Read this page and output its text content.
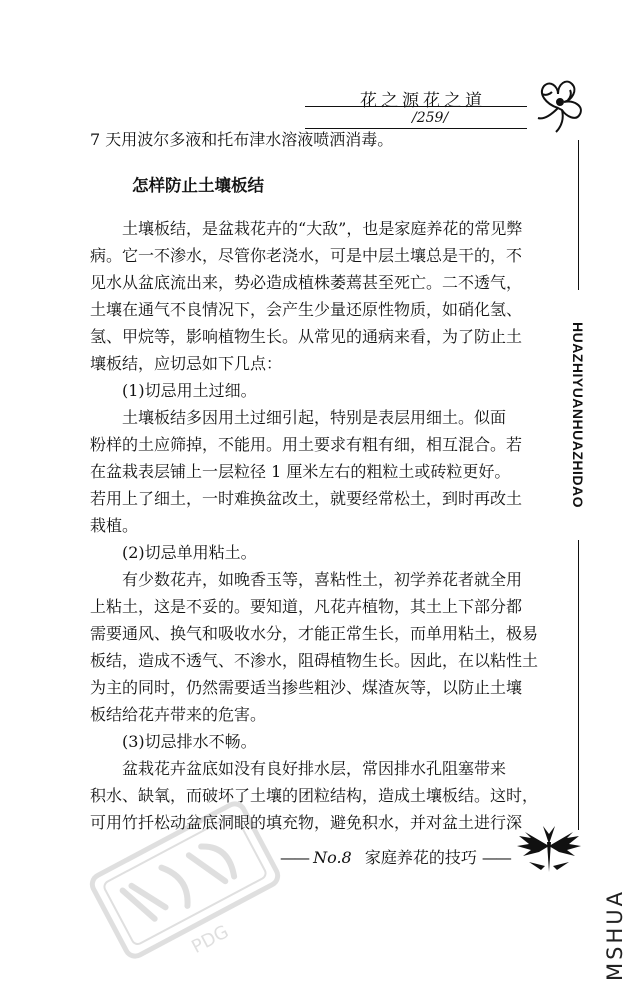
花之源花之道
/259/
HUAZHIYUANHUAZHIDAO
7 天用波尔多液和托布津水溶液喷洒消毒。
怎样防止土壤板结
土壤板结，是盆栽花卉的“大敌”，也是家庭养花的常见弊
病。它一不渗水，尽管你老浇水，可是中层土壤总是干的，不
见水从盆底流出来，势必造成植株萎蔫甚至死亡。二不透气，
土壤在通气不良情况下，会产生少量还原性物质，如硝化氢、
氢、甲烷等，影响植物生长。从常见的通病来看，为了防止土
壤板结，应切忌如下几点：
(1)切忌用土过细。
土壤板结多因用土过细引起，特别是表层用细土。似面
粉样的土应筛掉，不能用。用土要求有粗有细，相互混合。若
在盆栽表层铺上一层粒径 1 厘米左右的粗粒土或砖粒更好。
若用上了细土，一时难换盆改土，就要经常松土，到时再改土
栽植。
(2)切忌单用粘土。
有少数花卉，如晚香玉等，喜粘性土，初学养花者就全用
上粘土，这是不妥的。要知道，凡花卉植物，其土上下部分都
需要通风、换气和吸收水分，才能正常生长，而单用粘土，极易
板结，造成不透气、不渗水，阻碍植物生长。因此，在以粘性土
为主的同时，仍然需要适当掺些粗沙、煤渣灰等，以防止土壤
板结给花卉带来的危害。
(3)切忌排水不畅。
盆栽花卉盆底如没有良好排水层，常因排水孔阻塞带来
积水、缺氧，而破坏了土壤的团粒结构，造成土壤板结。这时，
可用竹扦松动盆底洞眼的填充物，避免积水，并对盆土进行深
PDG
—— No.8 家庭养花的技巧 ——
MSHUA
